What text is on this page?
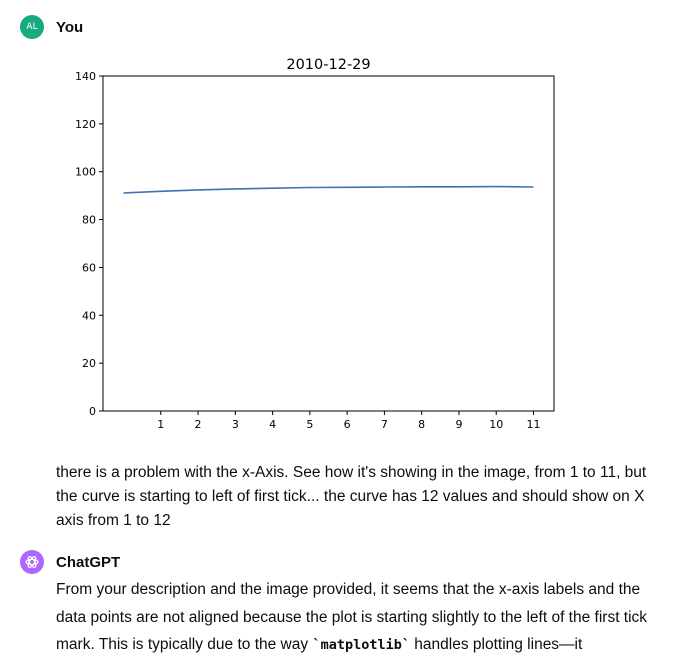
AL	You
2010-12-29
0
20
40
60
80
100
120
140
1	2	3	4	5	6	7	8	9 10 11
there is a problem with the x-Axis. See how it's showing in the image, from 1 to 11, but the curve is starting to left of first tick... the curve has 12 values and should show on X axis from 1 to 12
ChatGPT
From your description and the image provided, it seems that the x-axis labels and the data points are not aligned because the plot is starting slightly to the left of the first tick mark. This is typically due to the way `matplotlib` handles plotting lines—it
